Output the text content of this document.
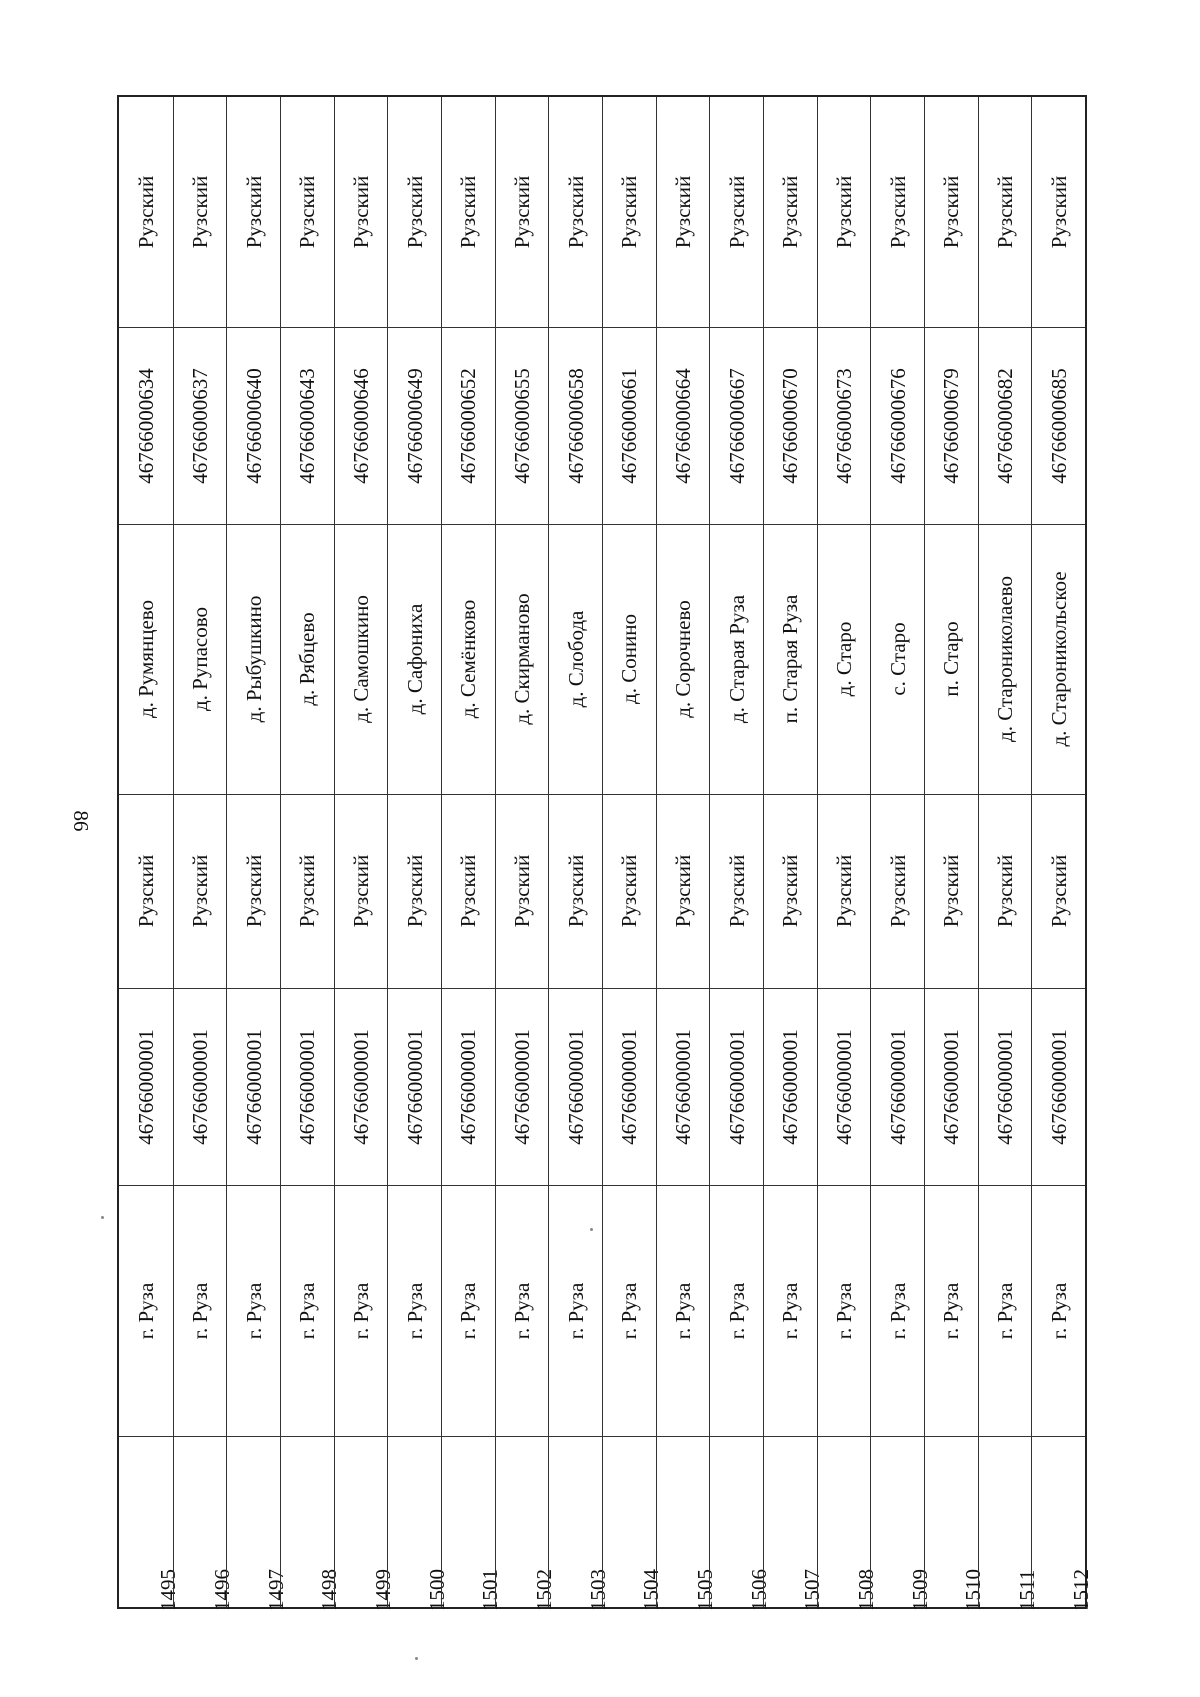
86
1495
г. Руза
46766000001
Рузский
д. Румянцево
46766000634
Рузский
1496
г. Руза
46766000001
Рузский
д. Рупасово
46766000637
Рузский
1497
г. Руза
46766000001
Рузский
д. Рыбушкино
46766000640
Рузский
1498
г. Руза
46766000001
Рузский
д. Рябцево
46766000643
Рузский
1499
г. Руза
46766000001
Рузский
д. Самошкино
46766000646
Рузский
1500
г. Руза
46766000001
Рузский
д. Сафониха
46766000649
Рузский
1501
г. Руза
46766000001
Рузский
д. Семёнково
46766000652
Рузский
1502
г. Руза
46766000001
Рузский
д. Скирманово
46766000655
Рузский
1503
г. Руза
46766000001
Рузский
д. Слобода
46766000658
Рузский
1504
г. Руза
46766000001
Рузский
д. Сонино
46766000661
Рузский
1505
г. Руза
46766000001
Рузский
д. Сорочнево
46766000664
Рузский
1506
г. Руза
46766000001
Рузский
д. Старая Руза
46766000667
Рузский
1507
г. Руза
46766000001
Рузский
п. Старая Руза
46766000670
Рузский
1508
г. Руза
46766000001
Рузский
д. Старо
46766000673
Рузский
1509
г. Руза
46766000001
Рузский
с. Старо
46766000676
Рузский
1510
г. Руза
46766000001
Рузский
п. Старо
46766000679
Рузский
1511
г. Руза
46766000001
Рузский
д. Старониколаево
46766000682
Рузский
1512
г. Руза
46766000001
Рузский
д. Староникольское
46766000685
Рузский
